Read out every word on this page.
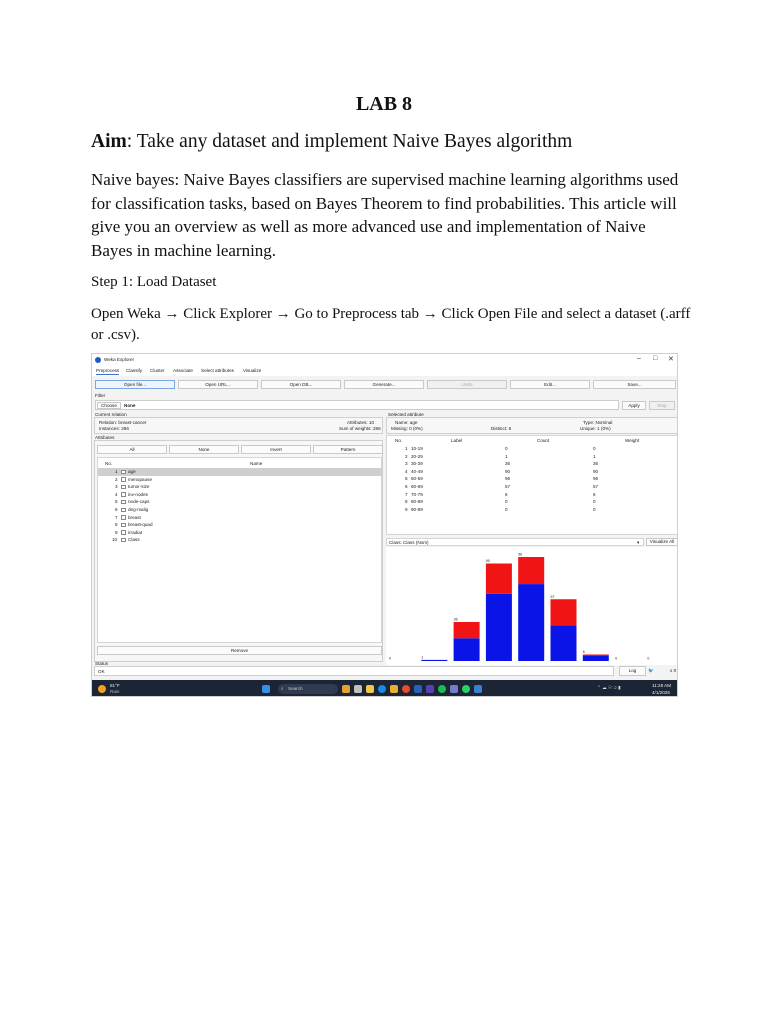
LAB 8
Aim: Take any dataset and implement Naive Bayes algorithm
Naive bayes: Naive Bayes classifiers are supervised machine learning algorithms used for classification tasks, based on Bayes Theorem to find probabilities. This article will give you an overview as well as more advanced use and implementation of Naive Bayes in machine learning.
Step 1: Load Dataset
Open Weka → Click Explorer → Go to Preprocess tab → Click Open File and select a dataset (.arff or .csv).
Weka Explorer	– □ ✕
Preprocess Classify Cluster Associate Select attributes Visualize
Open file...	Open URL...	Open DB...	Generate...	Undo	Edit...	Save...
Filter
Choose	None	Apply	Stop
Current relation
Relation: breast-cancer
Instances: 286
Attributes: 10
Sum of weights: 286
Attributes
All	None	Invert	Pattern
No.	Name
1 age
2 menopause
3 tumor-size
4 inv-nodes
5 node-caps
6 deg-malig
7 breast
8 breast-quad
9 irradiat
10 Class
Remove
Selected attribute
Name: age
Missing: 0 (0%)	Distinct: 6
Type: Nominal
Unique: 1 (0%)
No.	Label	Count	Weight
1 10-19	0	0
2 20-29	1	1
3 30-39	36	36
4 40-49	90	90
5 50-59	96	96
6 60-69	57	57
7 70-79	6	6
8 80-89	0	0
9 90-99	0	0
Class: Class (Nom)	▾	Visualize All
0	1
36
90
96
57
6
0	0
Status
OK	Log	🐦	x 0
81°F
Rain
⌕ Search	⌃ ☁ ☉ ♫ ▮	11:28 AM
4/1/2025
